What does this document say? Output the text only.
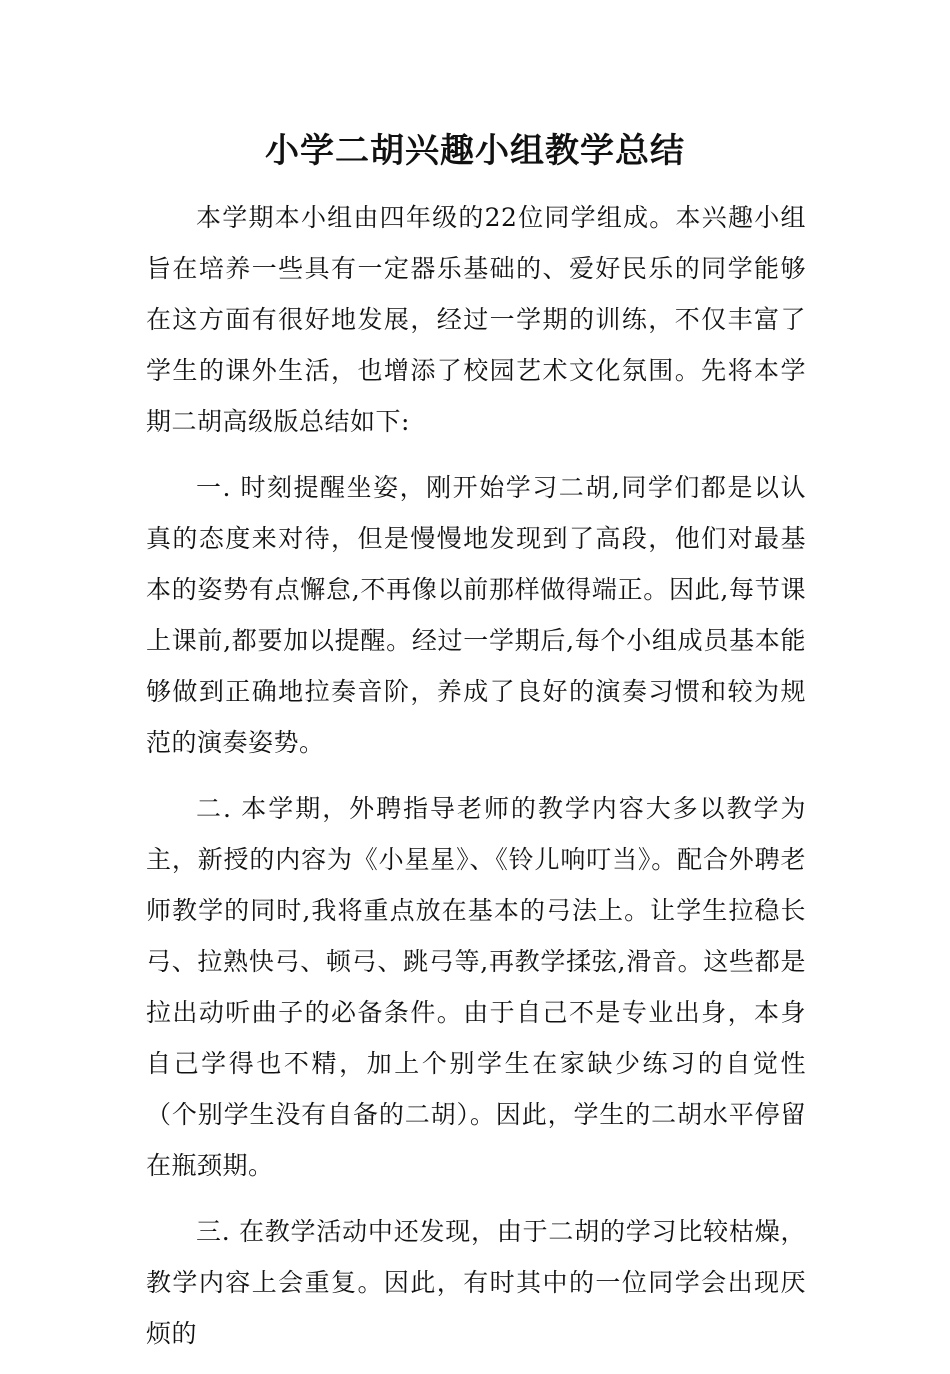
小学二胡兴趣小组教学总结

本学期本小组由四年级的22位同学组成。本兴趣小组旨在培养一些具有一定器乐基础的、爱好民乐的同学能够在这方面有很好地发展，经过一学期的训练，不仅丰富了学生的课外生活，也增添了校园艺术文化氛围。先将本学期二胡高级版总结如下:

一. 时刻提醒坐姿，刚开始学习二胡,同学们都是以认真的态度来对待，但是慢慢地发现到了高段，他们对最基本的姿势有点懈怠,不再像以前那样做得端正。因此,每节课上课前,都要加以提醒。经过一学期后,每个小组成员基本能够做到正确地拉奏音阶，养成了良好的演奏习惯和较为规范的演奏姿势。

二. 本学期，外聘指导老师的教学内容大多以教学为主，新授的内容为《小星星》、《铃儿响叮当》。配合外聘老师教学的同时,我将重点放在基本的弓法上。让学生拉稳长弓、拉熟快弓、顿弓、跳弓等,再教学揉弦,滑音。这些都是拉出动听曲子的必备条件。由于自己不是专业出身，本身自己学得也不精，加上个别学生在家缺少练习的自觉性（个别学生没有自备的二胡）。因此，学生的二胡水平停留在瓶颈期。

三. 在教学活动中还发现，由于二胡的学习比较枯燥，教学内容上会重复。因此，有时其中的一位同学会出现厌烦的
